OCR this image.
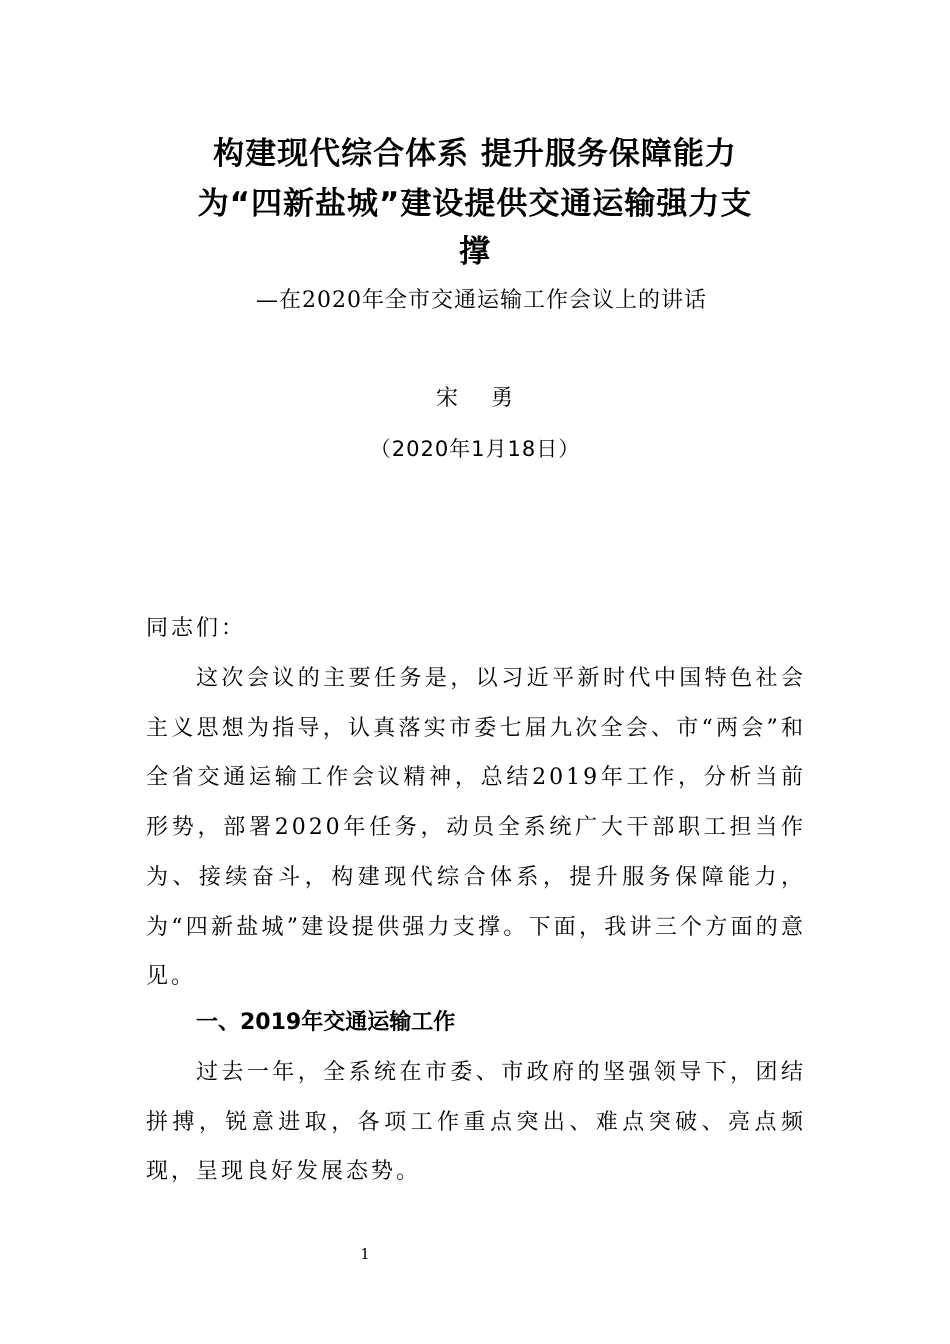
构建现代综合体系 提升服务保障能力
为“四新盐城”建设提供交通运输强力支
撑
—在2020年全市交通运输工作会议上的讲话
宋    勇
（2020年1月18日）
同志们：
这次会议的主要任务是，以习近平新时代中国特色社会主义思想为指导，认真落实市委七届九次全会、市“两会”和全省交通运输工作会议精神，总结2019年工作，分析当前形势，部署2020年任务，动员全系统广大干部职工担当作为、接续奋斗，构建现代综合体系，提升服务保障能力，为“四新盐城”建设提供强力支撑。下面，我讲三个方面的意见。
一、2019年交通运输工作
过去一年，全系统在市委、市政府的坚强领导下，团结拼搏，锐意进取，各项工作重点突出、难点突破、亮点频现，呈现良好发展态势。
1
